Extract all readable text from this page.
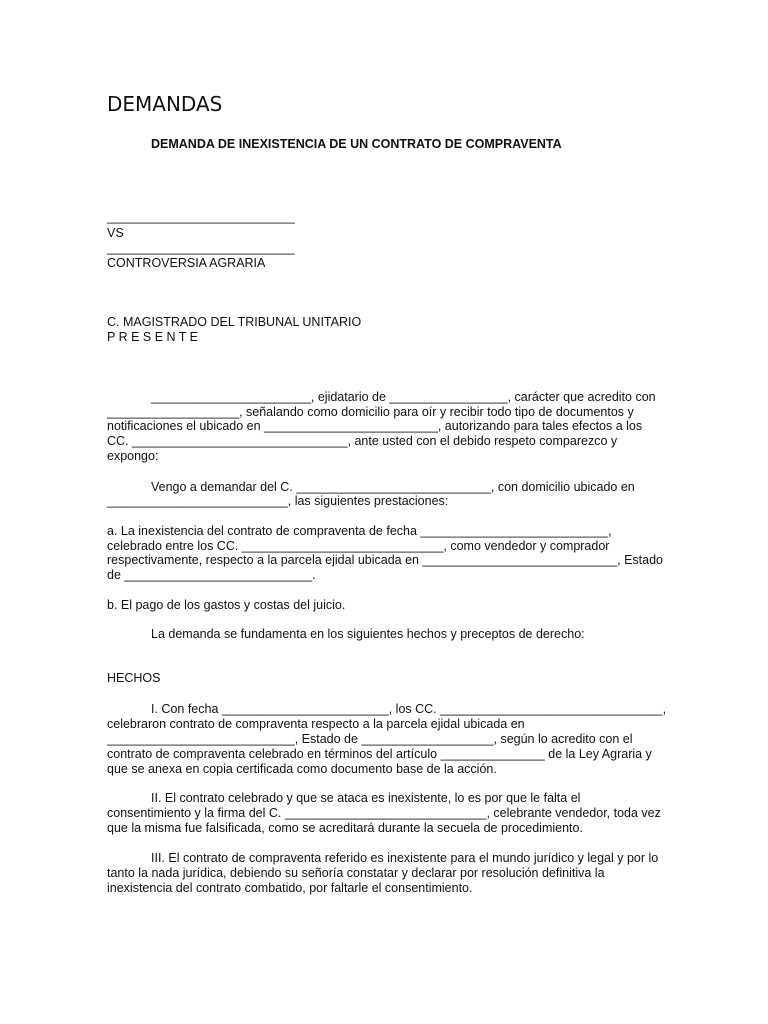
DEMANDAS
DEMANDA DE INEXISTENCIA DE UN CONTRATO DE COMPRAVENTA
___________________________
VS
___________________________
CONTROVERSIA AGRARIA
C. MAGISTRADO DEL TRIBUNAL UNITARIO
P R E S E N T E
_______________________, ejidatario de _________________, carácter que acredito con
___________________, señalando como domicilio para oír y recibir todo tipo de documentos y
notificaciones el ubicado en _________________________, autorizando para tales efectos a los
CC. _______________________________, ante usted con el debido respeto comparezco y
expongo:
Vengo a demandar del C. ____________________________, con domicilio ubicado en
__________________________, las siguientes prestaciones:
a. La inexistencia del contrato de compraventa de fecha ___________________________,
celebrado entre los CC. _____________________________, como vendedor y comprador
respectivamente, respecto a la parcela ejidal ubicada en ____________________________, Estado
de ___________________________.
b. El pago de los gastos y costas del juicio.
La demanda se fundamenta en los siguientes hechos y preceptos de derecho:
HECHOS
I. Con fecha ________________________, los CC. ________________________________,
celebraron contrato de compraventa respecto a la parcela ejidal ubicada en
___________________________, Estado de ___________________, según lo acredito con el
contrato de compraventa celebrado en términos del artículo _______________ de la Ley Agraria y
que se anexa en copia certificada como documento base de la acción.
II. El contrato celebrado y que se ataca es inexistente, lo es por que le falta el
consentimiento y la firma del C. _____________________________, celebrante vendedor, toda vez
que la misma fue falsificada, como se acreditará durante la secuela de procedimiento.
III. El contrato de compraventa referido es inexistente para el mundo jurídico y legal y por lo
tanto la nada jurídica, debiendo su señoría constatar y declarar por resolución definitiva la
inexistencia del contrato combatido, por faltarle el consentimiento.
